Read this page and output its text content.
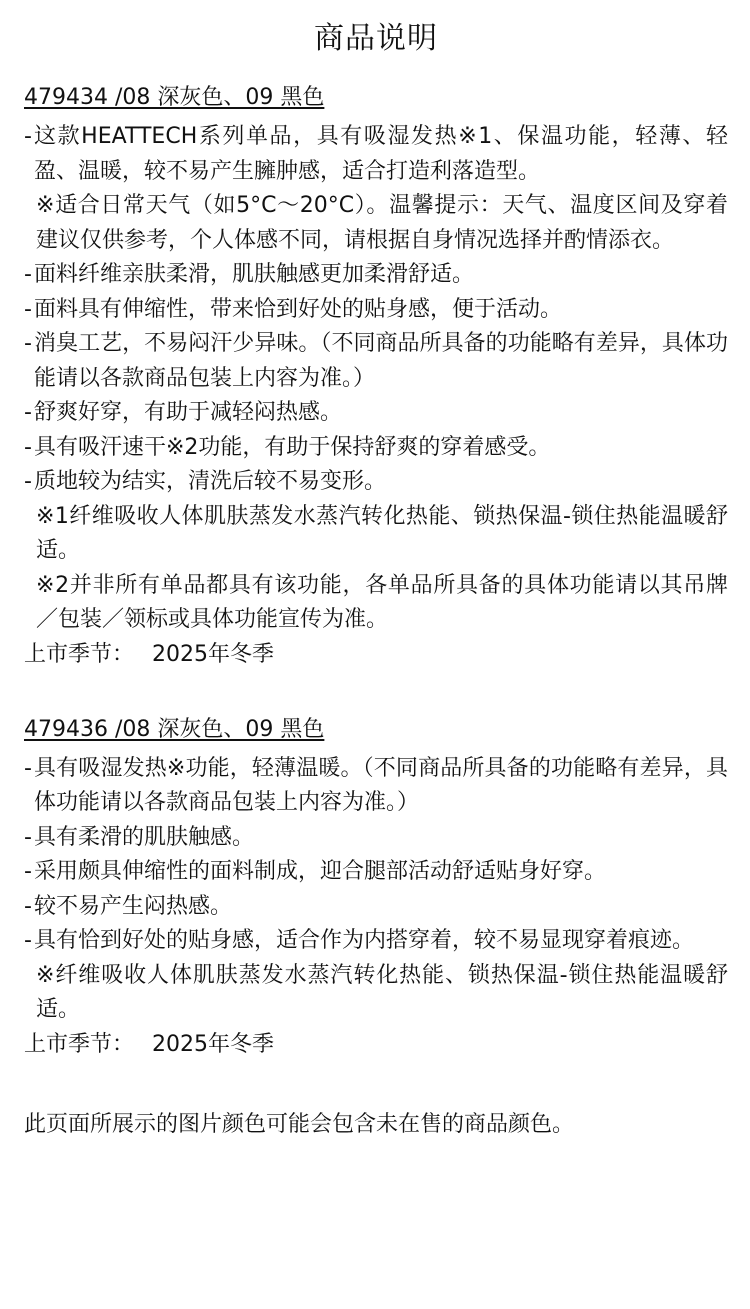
商品说明
479434 /08 深灰色、09 黑色
- 这款HEATTECH系列单品，具有吸湿发热※1、保温功能，轻薄、轻盈、温暖，较不易产生臃肿感，适合打造利落造型。
※适合日常天气（如5°C～20°C）。温馨提示：天气、温度区间及穿着建议仅供参考，个人体感不同，请根据自身情况选择并酌情添衣。
- 面料纤维亲肤柔滑，肌肤触感更加柔滑舒适。
- 面料具有伸缩性，带来恰到好处的贴身感，便于活动。
- 消臭工艺，不易闷汗少异味。（不同商品所具备的功能略有差异，具体功能请以各款商品包装上内容为准。）
- 舒爽好穿，有助于减轻闷热感。
- 具有吸汗速干※2功能，有助于保持舒爽的穿着感受。
- 质地较为结实，清洗后较不易变形。
※1纤维吸收人体肌肤蒸发水蒸汽转化热能、锁热保温-锁住热能温暖舒适。
※2并非所有单品都具有该功能，各单品所具备的具体功能请以其吊牌／包装／领标或具体功能宣传为准。

上市季节： 2025年冬季

479436 /08 深灰色、09 黑色
- 具有吸湿发热※功能，轻薄温暖。（不同商品所具备的功能略有差异，具体功能请以各款商品包装上内容为准。）
- 具有柔滑的肌肤触感。
- 采用颇具伸缩性的面料制成，迎合腿部活动舒适贴身好穿。
- 较不易产生闷热感。
- 具有恰到好处的贴身感，适合作为内搭穿着，较不易显现穿着痕迹。
※纤维吸收人体肌肤蒸发水蒸汽转化热能、锁热保温-锁住热能温暖舒适。

上市季节： 2025年冬季

此页面所展示的图片颜色可能会包含未在售的商品颜色。
